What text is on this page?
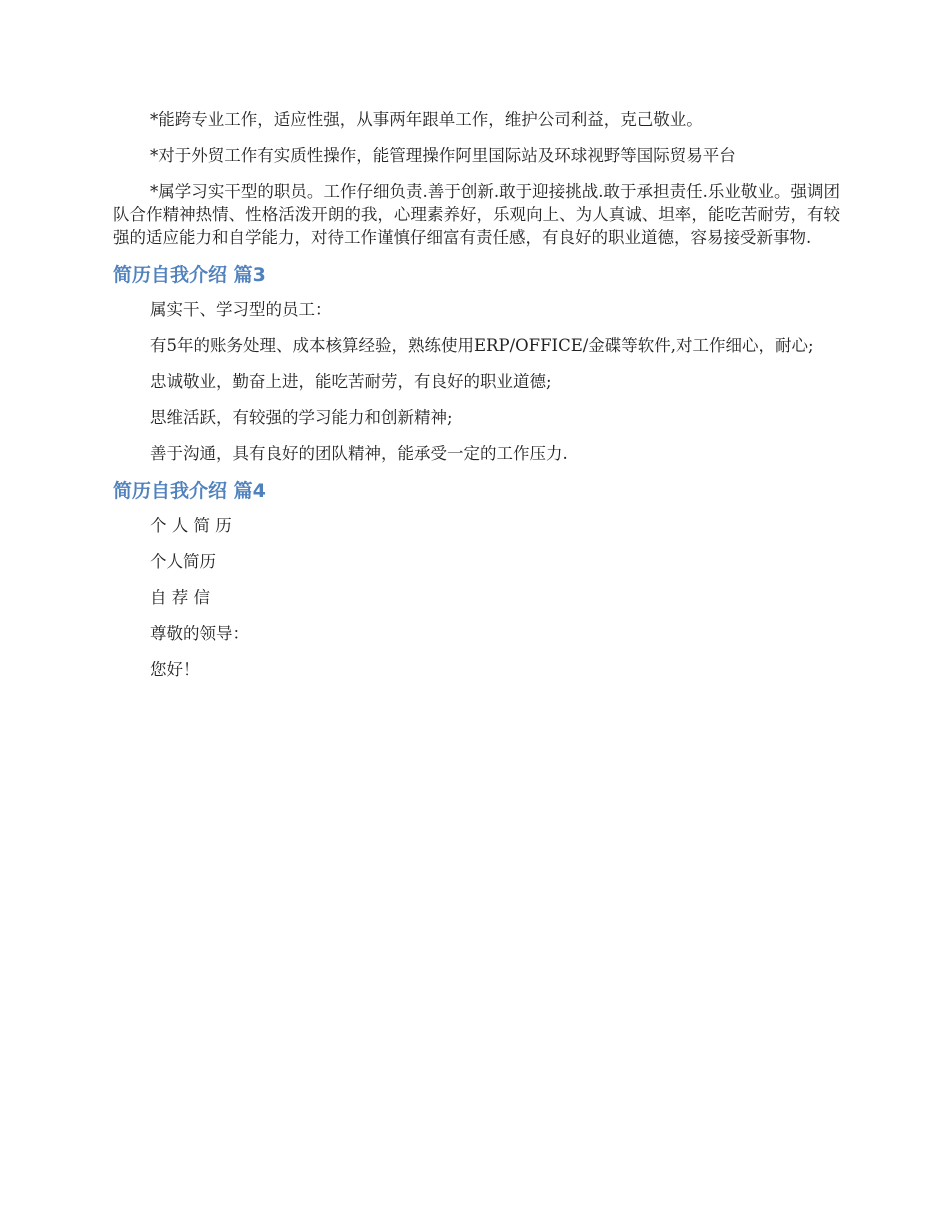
*能跨专业工作，适应性强，从事两年跟单工作，维护公司利益，克己敬业。

*对于外贸工作有实质性操作，能管理操作阿里国际站及环球视野等国际贸易平台

*属学习实干型的职员。工作仔细负责.善于创新.敢于迎接挑战.敢于承担责任.乐业敬业。强调团队合作精神热情、性格活泼开朗的我，心理素养好，乐观向上、为人真诚、坦率，能吃苦耐劳，有较强的适应能力和自学能力，对待工作谨慎仔细富有责任感，有良好的职业道德，容易接受新事物.

简历自我介绍 篇3

属实干、学习型的员工：

有5年的账务处理、成本核算经验，熟练使用ERP/OFFICE/金碟等软件,对工作细心，耐心;

忠诚敬业，勤奋上进，能吃苦耐劳，有良好的职业道德;

思维活跃，有较强的学习能力和创新精神;

善于沟通，具有良好的团队精神，能承受一定的工作压力.

简历自我介绍 篇4

个 人 简 历

个人简历

自 荐 信

尊敬的领导：

您好！
